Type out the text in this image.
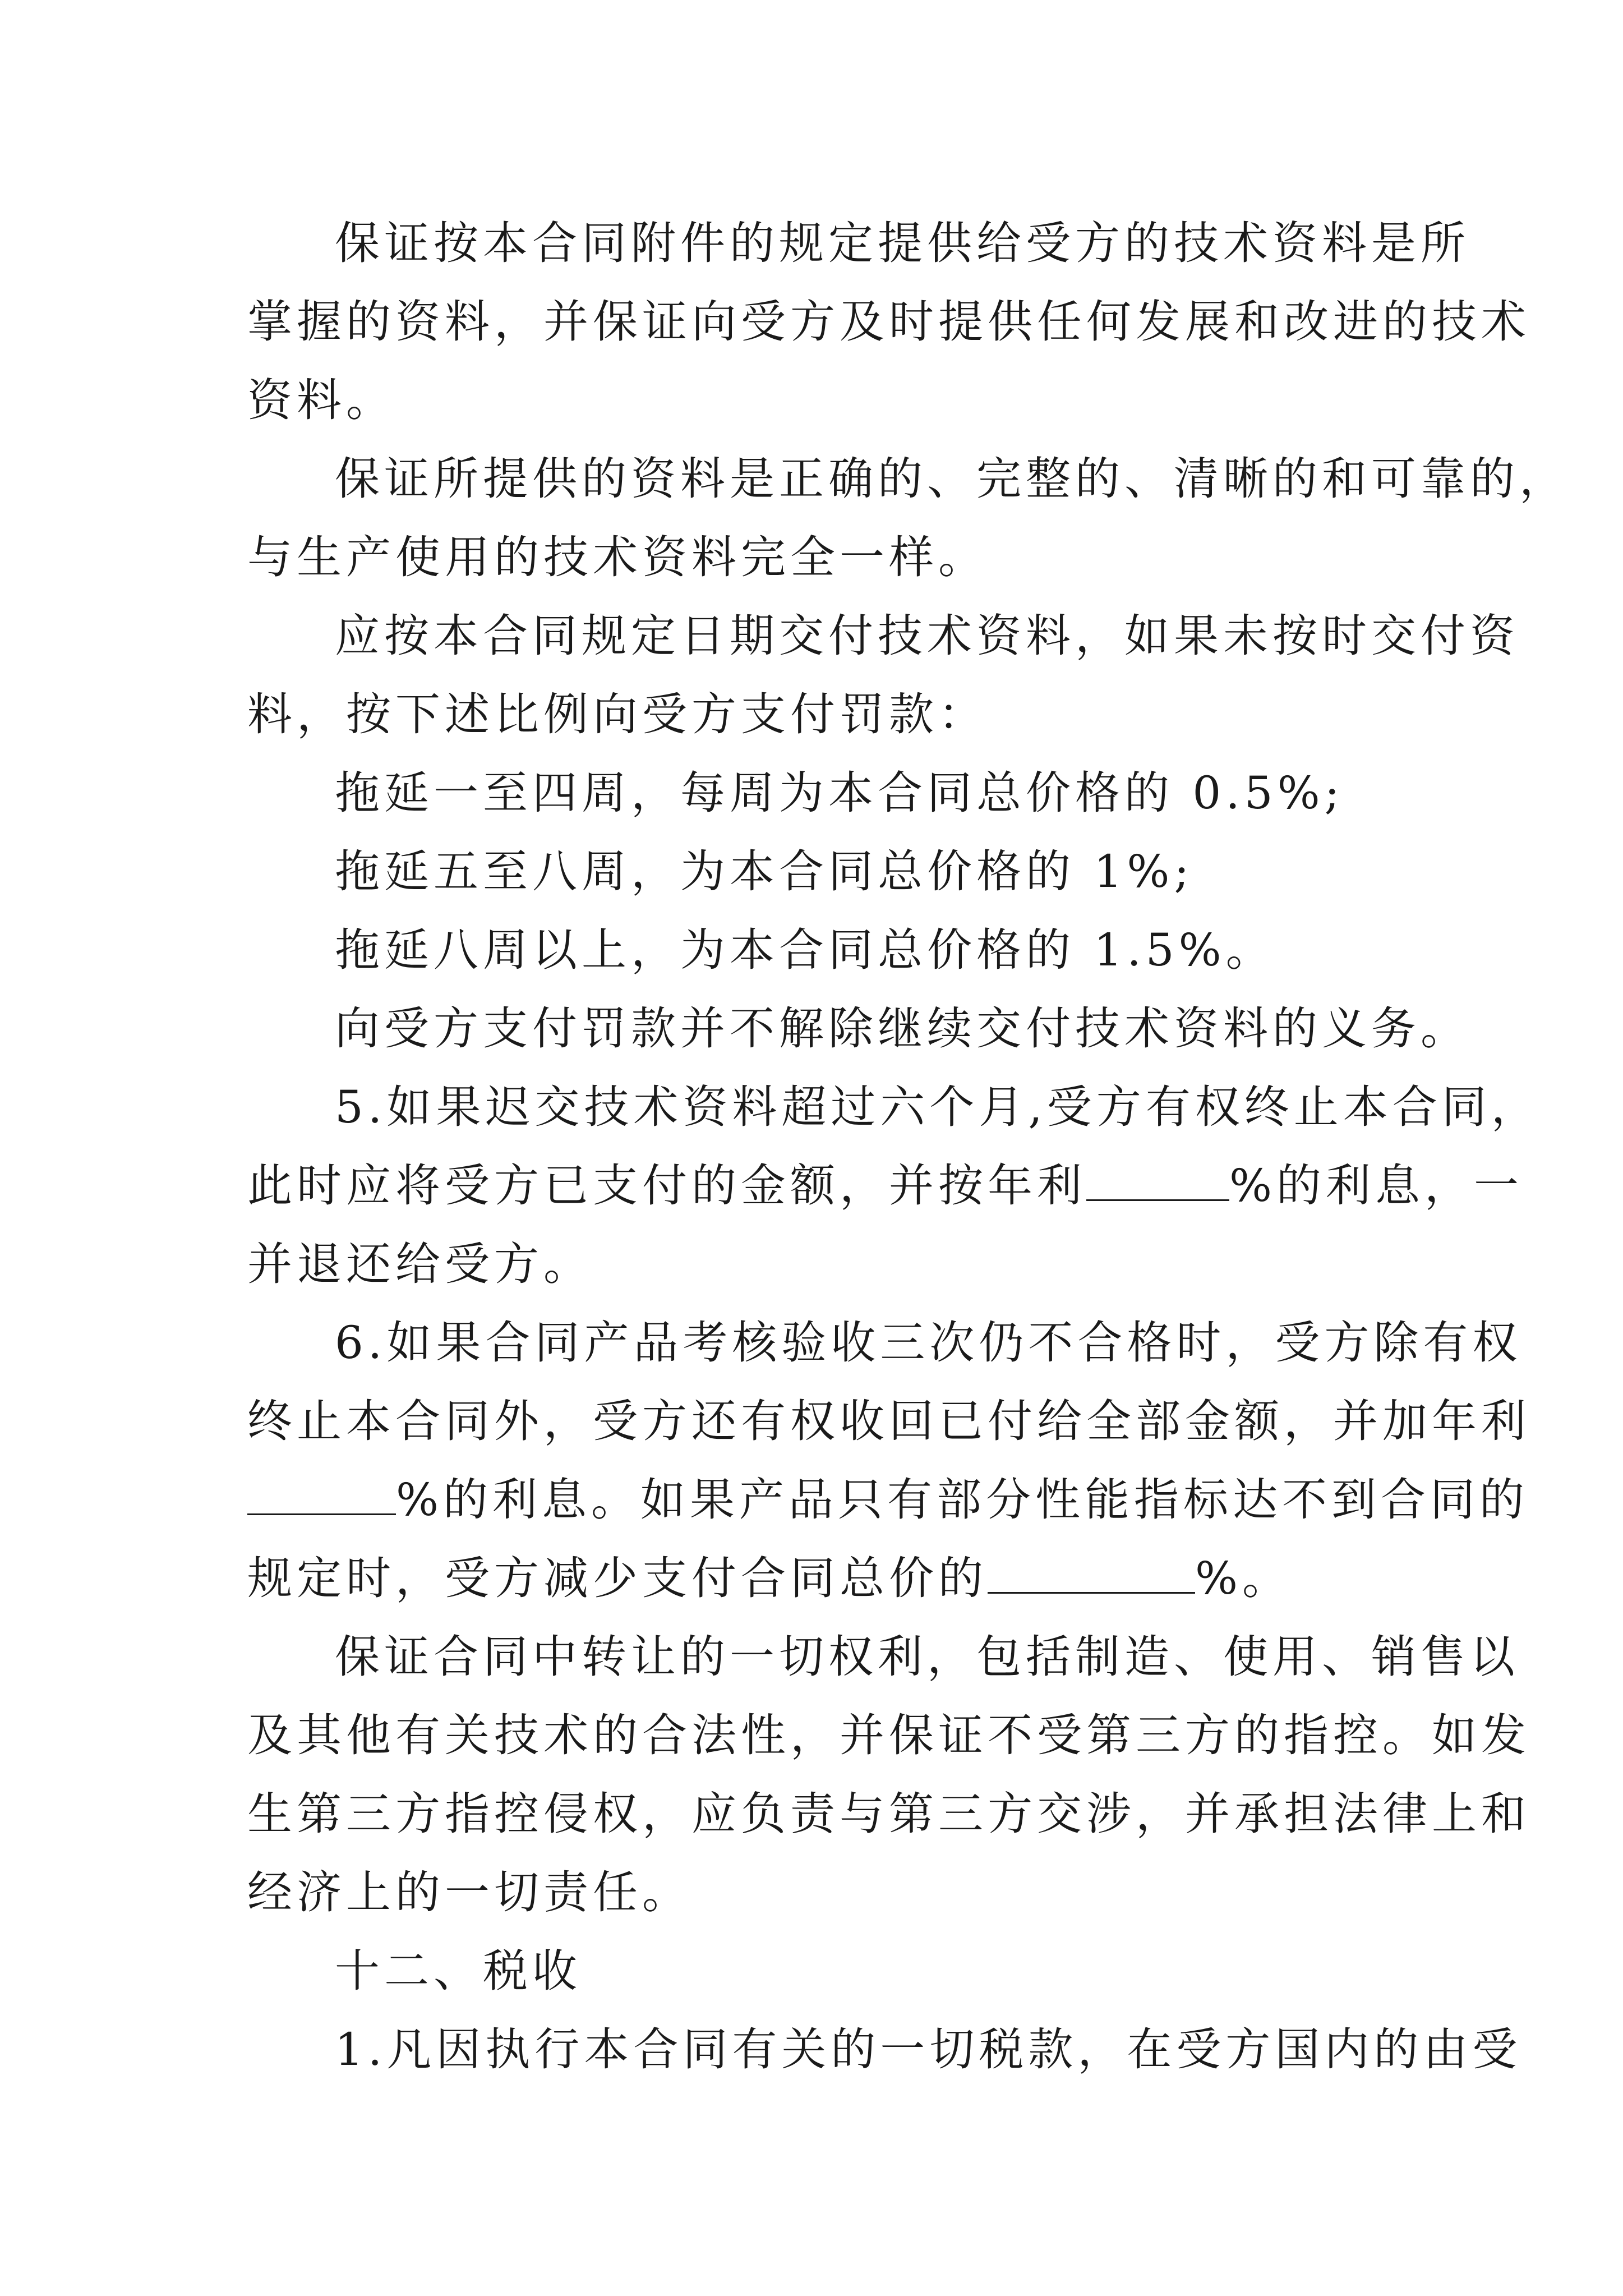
保证按本合同附件的规定提供给受方的技术资料是所
掌握的资料，并保证向受方及时提供任何发展和改进的技术
资料。
保证所提供的资料是正确的、完整的、清晰的和可靠的，
与生产使用的技术资料完全一样。
应按本合同规定日期交付技术资料，如果未按时交付资
料，按下述比例向受方支付罚款：
拖延一至四周，每周为本合同总价格的 0.5%;
拖延五至八周，为本合同总价格的 1%;
拖延八周以上，为本合同总价格的 1.5%。
向受方支付罚款并不解除继续交付技术资料的义务。
5.如果迟交技术资料超过六个月,受方有权终止本合同，
此时应将受方已支付的金额，并按年利	%的利息，一
并退还给受方。
6.如果合同产品考核验收三次仍不合格时，受方除有权
终止本合同外，受方还有权收回已付给全部金额，并加年利
%的利息。如果产品只有部分性能指标达不到合同的
规定时，受方减少支付合同总价的	%。
保证合同中转让的一切权利，包括制造、使用、销售以
及其他有关技术的合法性，并保证不受第三方的指控。如发
生第三方指控侵权，应负责与第三方交涉，并承担法律上和
经济上的一切责任。
十二、税收
1.凡因执行本合同有关的一切税款，在受方国内的由受
